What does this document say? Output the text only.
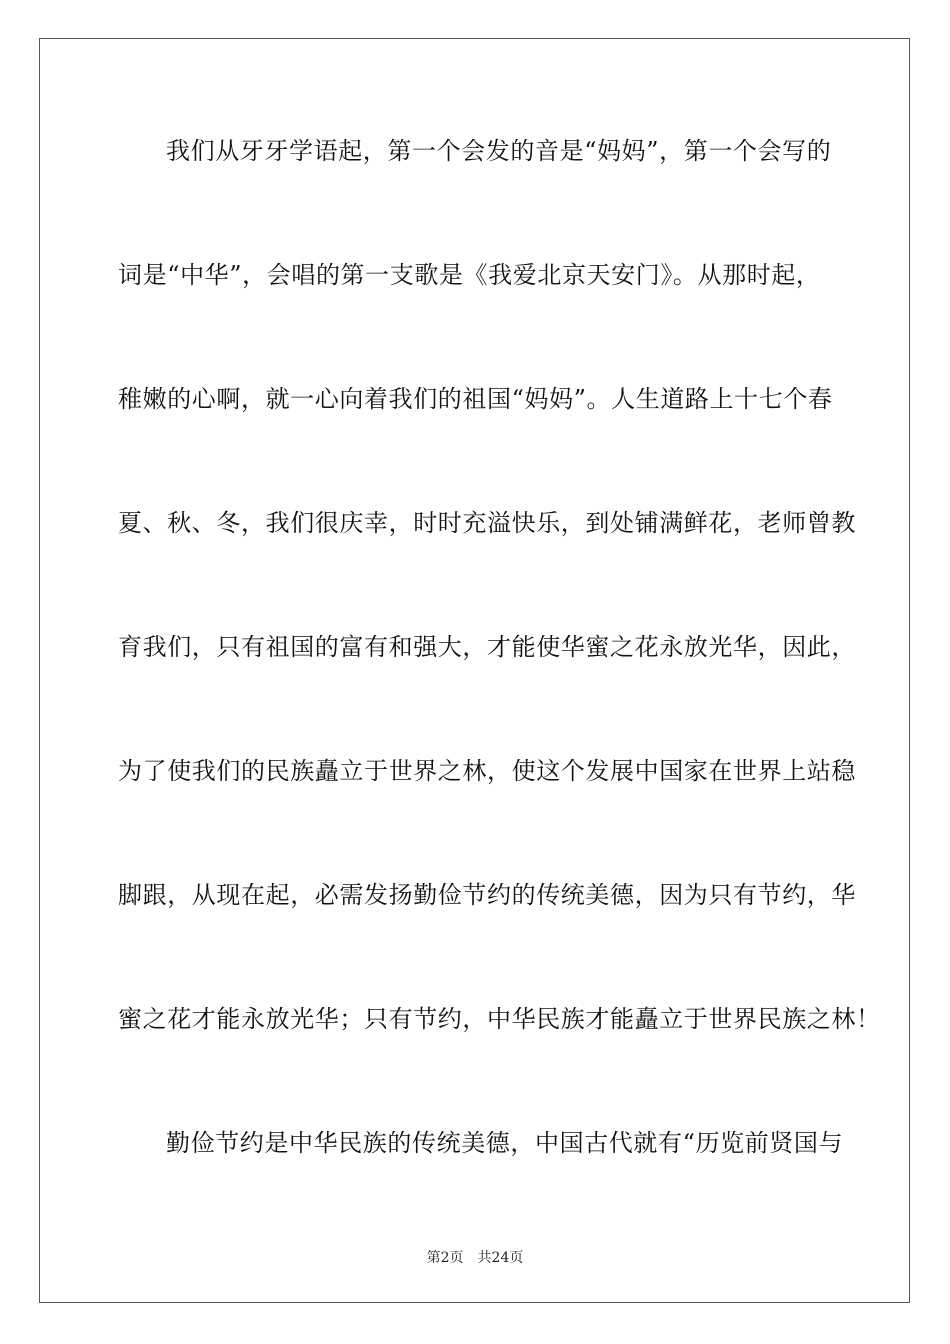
我们从牙牙学语起，第一个会发的音是“妈妈”，第一个会写的
词是“中华”，会唱的第一支歌是《我爱北京天安门》。从那时起，
稚嫩的心啊，就一心向着我们的祖国“妈妈”。人生道路上十七个春
夏、秋、冬，我们很庆幸，时时充溢快乐，到处铺满鲜花，老师曾教
育我们，只有祖国的富有和强大，才能使华蜜之花永放光华，因此，
为了使我们的民族矗立于世界之林，使这个发展中国家在世界上站稳
脚跟，从现在起，必需发扬勤俭节约的传统美德，因为只有节约，华
蜜之花才能永放光华；只有节约，中华民族才能矗立于世界民族之林！
勤俭节约是中华民族的传统美德，中国古代就有“历览前贤国与
第2页 共24页
